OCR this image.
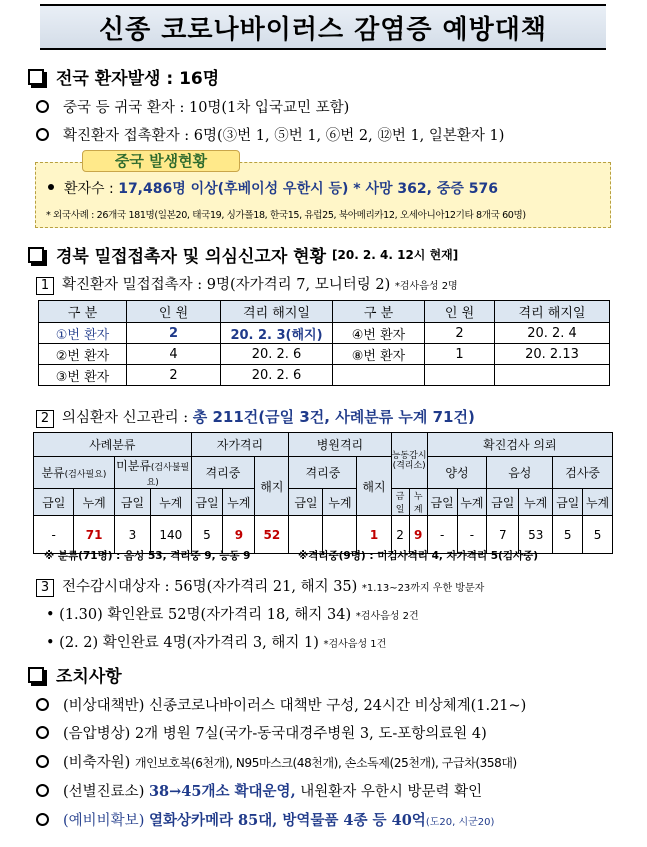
신종 코로나바이러스 감염증 예방대책
전국 환자발생 : 16명
중국 등 귀국 환자 : 10명(1차 입국교민 포함)
확진환자 접촉환자 : 6명(③번 1, ⑤번 1, ⑥번 2, ⑫번 1, 일본환자 1)
중국 발생현황
환자수 : 17,486명 이상(후베이성 우한시 등) * 사망 362, 중증 576
* 외국사례 : 26개국 181명(일본20, 태국19, 싱가폴18, 한국15, 유럽25, 북아메리카12, 오세아니아12기타 8개국 60명)
경북 밀접접촉자 및 의심신고자 현황 [20. 2. 4. 12시 현재]
1 확진환자 밀접접촉자 : 9명(자가격리 7, 모니터링 2) *검사음성 2명
구 분	인 원	격리 해지일	구 분	인 원	격리 해지일
①번 환자	2	20. 2. 3(해지)	④번 환자	2	20. 2. 4
②번 환자	4	20. 2. 6	⑧번 환자	1	20. 2.13
③번 환자	2	20. 2. 6			
2 의심환자 신고관리 : 총 211건(금일 3건, 사례분류 누계 71건)
사례분류				자가격리			병원격리			능동감시(격리소)		확진검사 의뢰					
분류(검사필요)		미분류(검사불필요)		격리중		해지	격리중		해지			양성		음성		검사중	
금일	누계	금일	누계	금일	누계		금일	누계		금일	누계	금일	누계	금일	누계	금일	누계
-	71	3	140	5	9	52			1	2	9	-	-	7	53	5	5
※ 분류(71명) : 음성 53, 격리중 9, 능동 9	※격리중(9명) : 미검사격리 4, 자가격리 5(검사중)
3 전수감시대상자 : 56명(자가격리 21, 해지 35) *1.13~23까지 우한 방문자
• (1.30) 확인완료 52명(자가격리 18, 해지 34) *검사음성 2건
• (2. 2) 확인완료 4명(자가격리 3, 해지 1) *검사음성 1건
조치사항
(비상대책반) 신종코로나바이러스 대책반 구성, 24시간 비상체계(1.21~)
(음압병상) 2개 병원 7실(국가-동국대경주병원 3, 도-포항의료원 4)
(비축자원) 개인보호복(6천개), N95마스크(48천개), 손소독제(25천개), 구급차(358대)
(선별진료소) 38→45개소 확대운영, 내원환자 우한시 방문력 확인
(예비비확보) 열화상카메라 85대, 방역물품 4종 등 40억(도20, 시군20)
